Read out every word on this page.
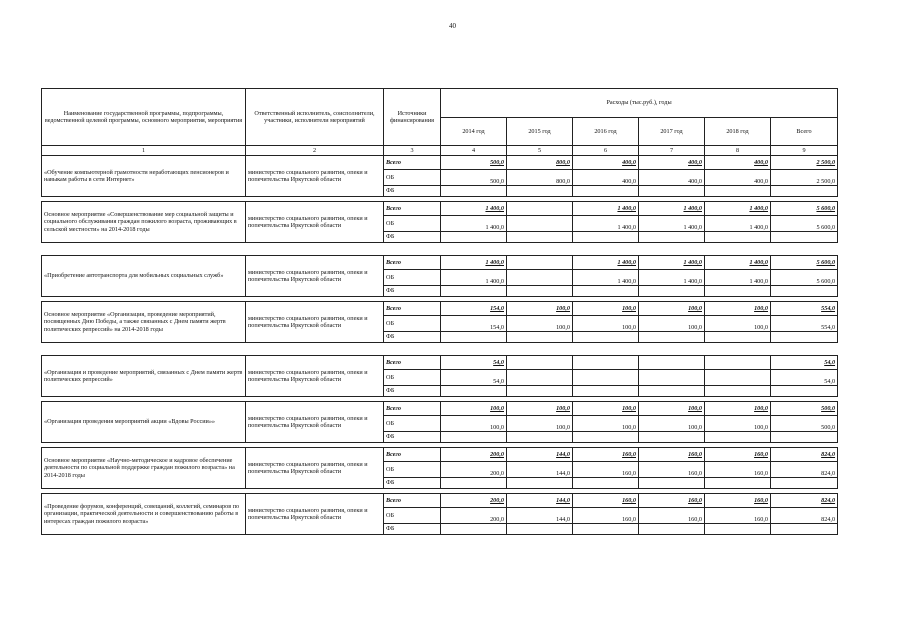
40
Наименование государственной программы, подпрограммы, ведомственной целевой программы, основного мероприятия, мероприятия	Ответственный исполнитель, соисполнители, участники, исполнители мероприятий	Источники финансирования	Расходы (тыс.руб.), годы					
			2014 год	2015 год	2016 год	2017 год	2018 год	Всего
1	2	3	4	5	6	7	8	9
«Обучение компьютерной грамотности неработающих пенсионеров и навыкам работы в сети Интернет»	министерство социального развития, опеки и попечительства Иркутской области	Всего	500,0	800,0	400,0	400,0	400,0	2 500,0
		ОБ	500,0	800,0	400,0	400,0	400,0	2 500,0
		ФБ						

Основное мероприятие «Совершенствование мер социальной защиты и социального обслуживания граждан пожилого возраста, проживающих в сельской местности» на 2014-2018 годы	министерство социального развития, опеки и попечительства Иркутской области	Всего	1 400,0		1 400,0	1 400,0	1 400,0	5 600,0
		ОБ	1 400,0		1 400,0	1 400,0	1 400,0	5 600,0
		ФБ						

«Приобретение автотранспорта для мобильных социальных служб»	министерство социального развития, опеки и попечительства Иркутской области	Всего	1 400,0		1 400,0	1 400,0	1 400,0	5 600,0
		ОБ	1 400,0		1 400,0	1 400,0	1 400,0	5 600,0
		ФБ						

Основное мероприятие «Организация, проведение мероприятий, посвященных Дню Победы, а также связанных с Днем памяти жертв политических репрессий» на 2014-2018 годы	министерство социального развития, опеки и попечительства Иркутской области	Всего	154,0	100,0	100,0	100,0	100,0	554,0
		ОБ	154,0	100,0	100,0	100,0	100,0	554,0
		ФБ						

«Организация и проведение мероприятий, связанных с Днем памяти жертв политических репрессий»	министерство социального развития, опеки и попечительства Иркутской области	Всего	54,0					54,0
		ОБ	54,0					54,0
		ФБ						

«Организация проведения мероприятий акции «Вдовы России»»	министерство социального развития, опеки и попечительства Иркутской области	Всего	100,0	100,0	100,0	100,0	100,0	500,0
		ОБ	100,0	100,0	100,0	100,0	100,0	500,0
		ФБ						

Основное мероприятие «Научно-методическое и кадровое обеспечение деятельности по социальной поддержке граждан пожилого возраста» на 2014-2018 годы	министерство социального развития, опеки и попечительства Иркутской области	Всего	200,0	144,0	160,0	160,0	160,0	824,0
		ОБ	200,0	144,0	160,0	160,0	160,0	824,0
		ФБ						

«Проведение форумов, конференций, совещаний, коллегий, семинаров по организации, практической деятельности и совершенствованию работы в интересах граждан пожилого возраста»	министерство социального развития, опеки и попечительства Иркутской области	Всего	200,0	144,0	160,0	160,0	160,0	824,0
		ОБ	200,0	144,0	160,0	160,0	160,0	824,0
		ФБ						
